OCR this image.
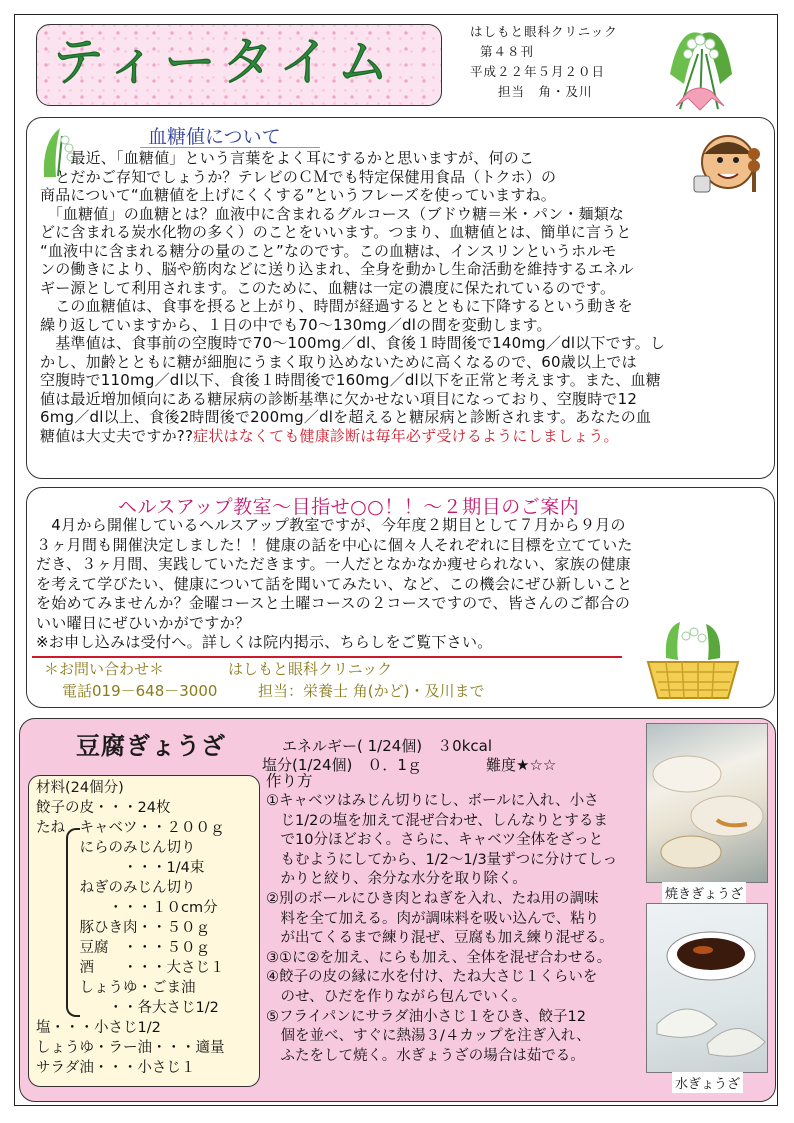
ティータイム
はしもと眼科クリニック
第４８刊
平成２２年５月２０日
担当　角・及川
血糖値について
　　最近、「血糖値」という言葉をよく耳にするかと思いますが、何のこ
　とだかご存知でしょうか？テレビのＣＭでも特定保健用食品（トクホ）の
商品について“血糖値を上げにくくする”というフレーズを使っていますね。
　「血糖値」の血糖とは？血液中に含まれるグルコース（ブドウ糖＝米・パン・麺類な
どに含まれる炭水化物の多く）のことをいいます。つまり、血糖値とは、簡単に言うと
“血液中に含まれる糖分の量のこと”なのです。この血糖は、インスリンというホルモ
ンの働きにより、脳や筋肉などに送り込まれ、全身を動かし生命活動を維持するエネル
ギー源として利用されます。このために、血糖は一定の濃度に保たれているのです。
　この血糖値は、食事を摂ると上がり、時間が経過するとともに下降するという動きを
繰り返していますから、１日の中でも70～130mg／dlの間を変動します。
　基準値は、食事前の空腹時で70～100mg／dl、食後１時間後で140mg／dl以下です。し
かし、加齢とともに糖が細胞にうまく取り込めないために高くなるので、60歳以上では
空腹時で110mg／dl以下、食後１時間後で160mg／dl以下を正常と考えます。また、血糖
値は最近増加傾向にある糖尿病の診断基準に欠かせない項目になっており、空腹時で12
6mg／dl以上、食後2時間後で200mg／dlを超えると糖尿病と診断されます。あなたの血
糖値は大丈夫ですか??症状はなくても健康診断は毎年必ず受けるようにしましょう。
ヘルスアップ教室～目指せ○○！！～２期目のご案内
　4月から開催しているヘルスアップ教室ですが、今年度２期目として７月から９月の
３ヶ月間も開催決定しました！！健康の話を中心に個々人それぞれに目標を立てていた
だき、３ヶ月間、実践していただきます。一人だとなかなか痩せられない、家族の健康
を考えて学びたい、健康について話を聞いてみたい、など、この機会にぜひ新しいこと
を始めてみませんか？金曜コースと土曜コースの２コースですので、皆さんのご都合の
いい曜日にぜひいかがですか？
※お申し込みは受付へ。詳しくは院内掲示、ちらしをご覧下さい。
＊お問い合わせ＊	はしもと眼科クリニック
電話019－648－3000	担当：栄養士 角(かど)・及川まで
豆腐ぎょうざ	エネルギー( 1/24個)　３0kcal
塩分(1/24個)　０．1ｇ	難度★☆☆
材料(24個分)
餃子の皮・・・24枚
たね　キャベツ・・２００ｇ
　　　にらのみじん切り
　　　　　　・・・1/4束
　　　ねぎのみじん切り
　　　　　・・・１０cm分
　　　豚ひき肉・・５０ｇ
　　　豆腐　・・・５０ｇ
　　　酒　　・・・大さじ１
　　　しょうゆ・ごま油
　　　　　・・各大さじ1/2
塩・・・小さじ1/2
しょうゆ・ラー油・・・適量
サラダ油・・・小さじ１
作り方
①キャベツはみじん切りにし、ボールに入れ、小さ
　じ1/2の塩を加えて混ぜ合わせ、しんなりとするま
　で10分ほどおく。さらに、キャベツ全体をざっと
　もむようにしてから、1/2～1/3量ずつに分けてしっ
　かりと絞り、余分な水分を取り除く。
②別のボールにひき肉とねぎを入れ、たね用の調味
　料を全て加える。肉が調味料を吸い込んで、粘り
　が出てくるまで練り混ぜ、豆腐も加え練り混ぜる。
③①に②を加え、にらも加え、全体を混ぜ合わせる。
④餃子の皮の縁に水を付け、たね大さじ１くらいを
　のせ、ひだを作りながら包んでいく。
⑤フライパンにサラダ油小さじ１をひき、餃子12
　個を並べ、すぐに熱湯３/４カップを注ぎ入れ、
　ふたをして焼く。水ぎょうざの場合は茹でる。
焼きぎょうざ
水ぎょうざ
